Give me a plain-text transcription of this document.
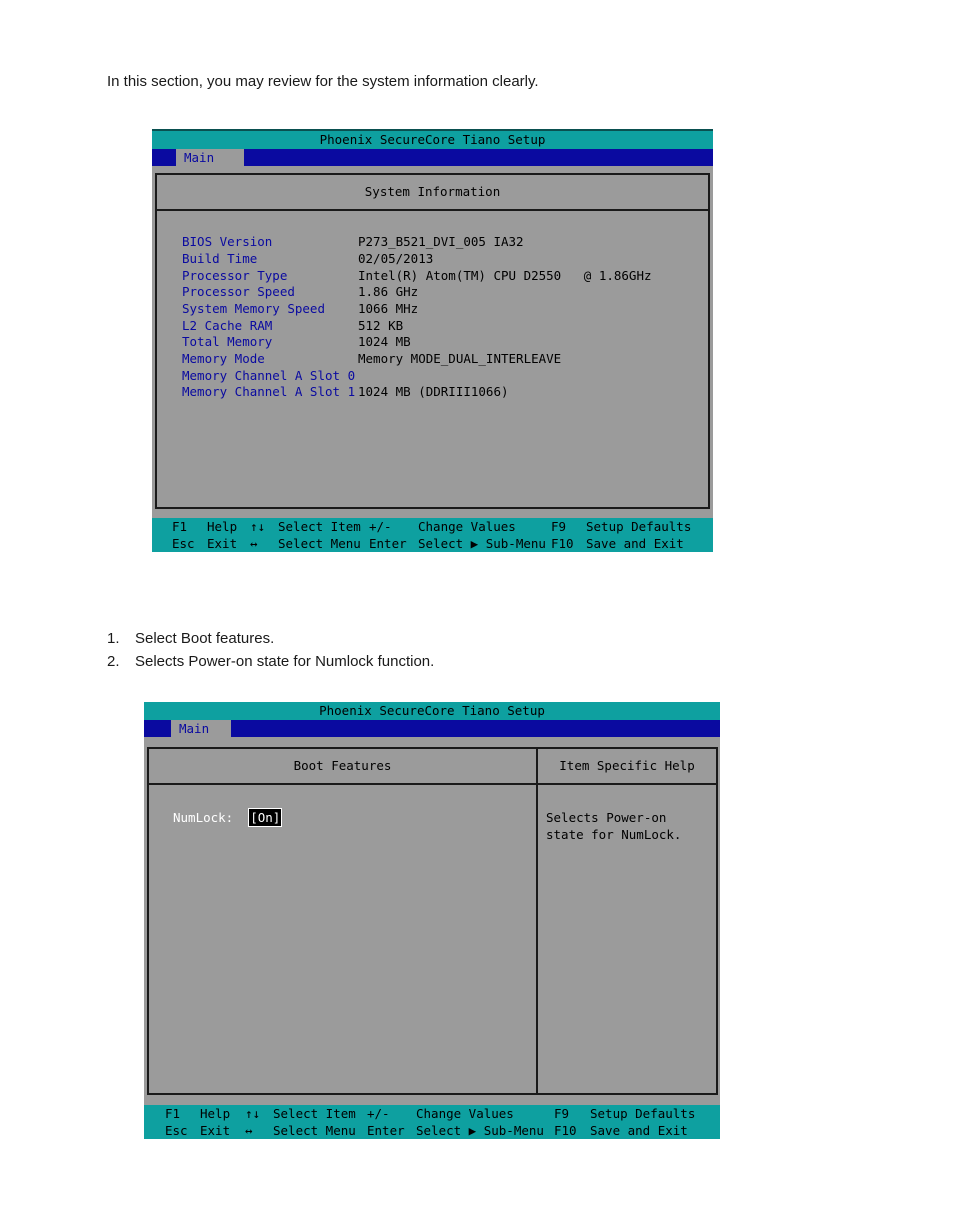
In this section, you may review for the system information clearly.
Phoenix SecureCore Tiano Setup
Main
System Information
BIOS Version	P273_B521_DVI_005 IA32
Build Time	02/05/2013
Processor Type	Intel(R) Atom(TM) CPU D2550   @ 1.86GHz
Processor Speed	1.86 GHz
System Memory Speed	1066 MHz
L2 Cache RAM	512 KB
Total Memory	1024 MB
Memory Mode	Memory MODE_DUAL_INTERLEAVE
Memory Channel A Slot 0
Memory Channel A Slot 1 1024 MB (DDRIII1066)
F1 Help ↑↓ Select Item +/- Change Values	F9 Setup Defaults
Esc Exit ↔ Select Menu Enter Select ▶ Sub-Menu F10 Save and Exit
1. Select Boot features.
2. Selects Power-on state for Numlock function.
Phoenix SecureCore Tiano Setup
Main
Boot Features
NumLock: [On]
Item Specific Help
Selects Power-on
state for NumLock.
F1 Help ↑↓ Select Item +/- Change Values	F9 Setup Defaults
Esc Exit ↔ Select Menu Enter Select ▶ Sub-Menu F10 Save and Exit
